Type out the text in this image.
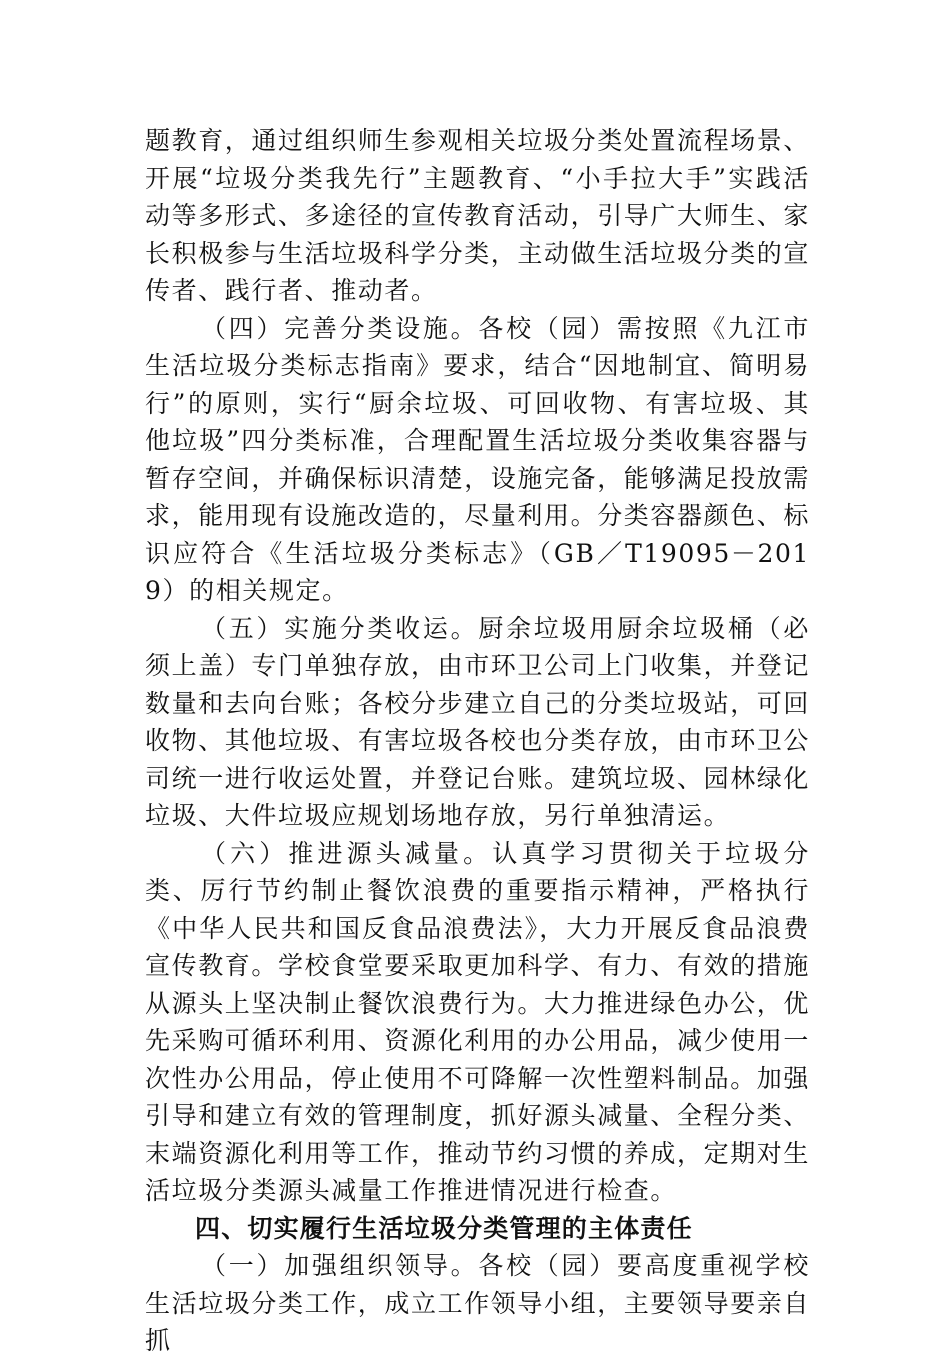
题教育，通过组织师生参观相关垃圾分类处置流程场景、开展“垃圾分类我先行”主题教育、“小手拉大手”实践活动等多形式、多途径的宣传教育活动，引导广大师生、家长积极参与生活垃圾科学分类，主动做生活垃圾分类的宣传者、践行者、推动者。

（四）完善分类设施。各校（园）需按照《九江市生活垃圾分类标志指南》要求，结合“因地制宜、简明易行”的原则，实行“厨余垃圾、可回收物、有害垃圾、其他垃圾”四分类标准，合理配置生活垃圾分类收集容器与暂存空间，并确保标识清楚，设施完备，能够满足投放需求，能用现有设施改造的，尽量利用。分类容器颜色、标识应符合《生活垃圾分类标志》（GB／T19095－2019）的相关规定。

（五）实施分类收运。厨余垃圾用厨余垃圾桶（必须上盖）专门单独存放，由市环卫公司上门收集，并登记数量和去向台账；各校分步建立自己的分类垃圾站，可回收物、其他垃圾、有害垃圾各校也分类存放，由市环卫公司统一进行收运处置，并登记台账。建筑垃圾、园林绿化垃圾、大件垃圾应规划场地存放，另行单独清运。

（六）推进源头减量。认真学习贯彻关于垃圾分类、厉行节约制止餐饮浪费的重要指示精神，严格执行《中华人民共和国反食品浪费法》，大力开展反食品浪费宣传教育。学校食堂要采取更加科学、有力、有效的措施从源头上坚决制止餐饮浪费行为。大力推进绿色办公，优先采购可循环利用、资源化利用的办公用品，减少使用一次性办公用品，停止使用不可降解一次性塑料制品。加强引导和建立有效的管理制度，抓好源头减量、全程分类、末端资源化利用等工作，推动节约习惯的养成，定期对生活垃圾分类源头减量工作推进情况进行检查。

四、切实履行生活垃圾分类管理的主体责任

（一）加强组织领导。各校（园）要高度重视学校生活垃圾分类工作，成立工作领导小组，主要领导要亲自抓
